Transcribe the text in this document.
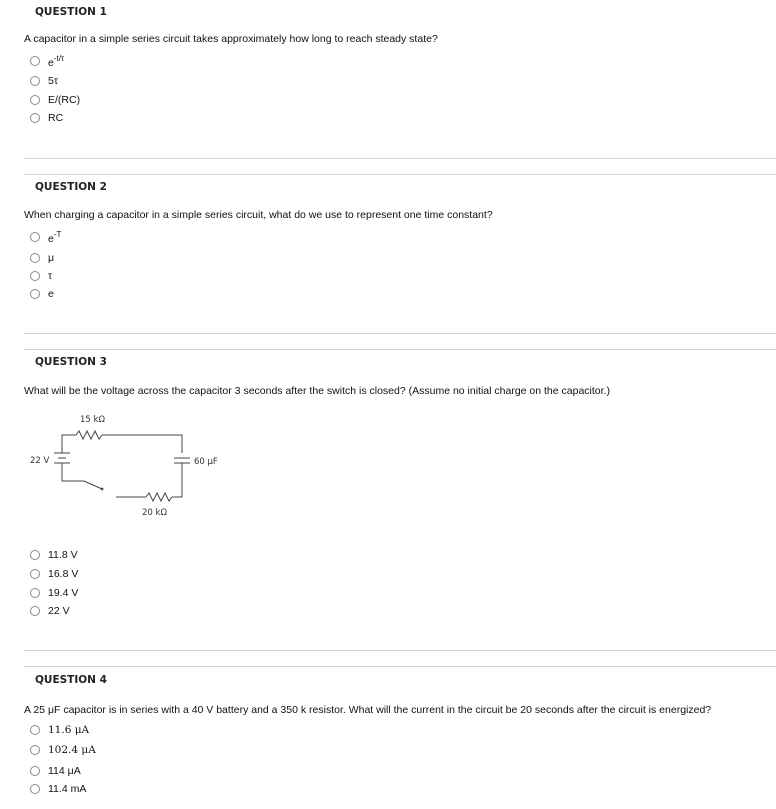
QUESTION 1
A capacitor in a simple series circuit takes approximately how long to reach steady state?
$e^{-t/\tau}$
5τ
E/(RC)
RC
QUESTION 2
When charging a capacitor in a simple series circuit, what do we use to represent one time constant?
$e^{-T}$
μ
τ
e
QUESTION 3
What will be the voltage across the capacitor 3 seconds after the switch is closed? (Assume no initial charge on the capacitor.)
15 kΩ
22 V	60 μF
20 kΩ
11.8 V
16.8 V
19.4 V
22 V
QUESTION 4
A 25 μF capacitor is in series with a 40 V battery and a 350 k resistor. What will the current in the circuit be 20 seconds after the circuit is energized?
11.6 μA
102.4 μA
114 μA
11.4 mA
